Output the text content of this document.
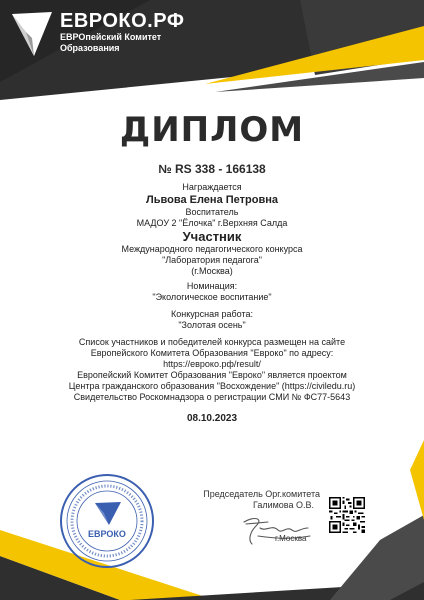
ЕВРОКО.РФ
ЕВРОпейский Комитет
Образования
ДИПЛОМ
№ RS 338 - 166138
Награждается
Львова Елена Петровна
Воспитатель
МАДОУ 2 "Ёлочка" г.Верхняя Салда
Участник
Международного педагогического конкурса
"Лаборатория педагога"
(г.Москва)
Номинация:
"Экологическое воспитание"
Конкурсная работа:
"Золотая осень"
Список участников и победителей конкурса размещен на сайте
Европейского Комитета Образования "Евроко" по адресу:
https://евроко.рф/result/
Европейский Комитет Образования "Евроко" является проектом
Центра гражданского образования "Восхождение" (https://civiledu.ru)
Свидетельство Роскомнадзора о регистрации СМИ № ФС77-5643
08.10.2023
ЕВРОКО
Председатель Орг.комитета
Галимова О.В.
г.Москва
